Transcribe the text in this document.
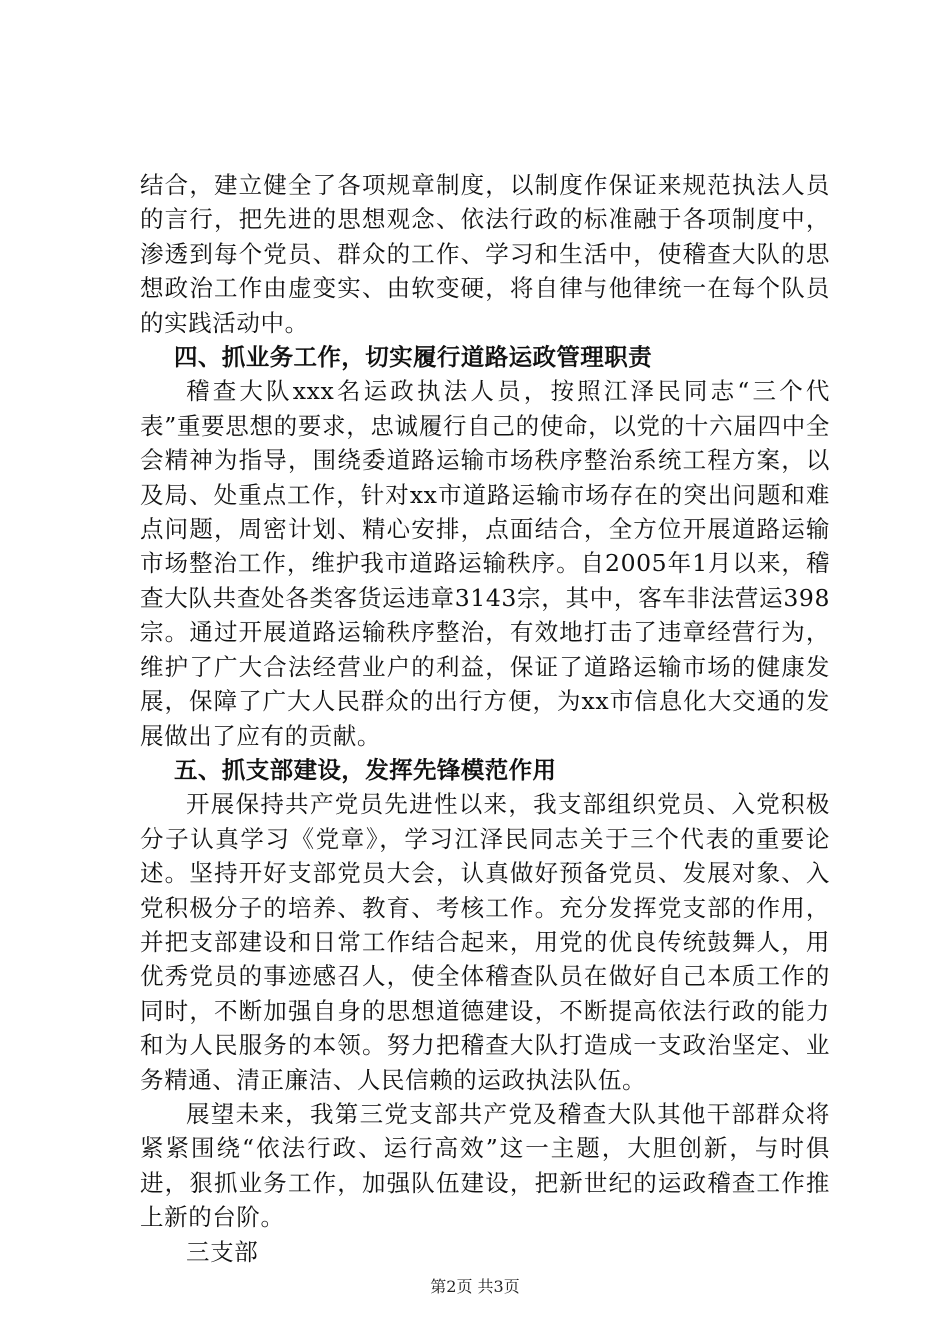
结合，建立健全了各项规章制度，以制度作保证来规范执法人员的言行，把先进的思想观念、依法行政的标准融于各项制度中，渗透到每个党员、群众的工作、学习和生活中，使稽查大队的思想政治工作由虚变实、由软变硬，将自律与他律统一在每个队员的实践活动中。

四、抓业务工作，切实履行道路运政管理职责

稽查大队xxx名运政执法人员，按照江泽民同志“三个代表”重要思想的要求，忠诚履行自己的使命，以党的十六届四中全会精神为指导，围绕委道路运输市场秩序整治系统工程方案，以及局、处重点工作，针对xx市道路运输市场存在的突出问题和难点问题，周密计划、精心安排，点面结合，全方位开展道路运输市场整治工作，维护我市道路运输秩序。自2005年1月以来，稽查大队共查处各类客货运违章3143宗，其中，客车非法营运398宗。通过开展道路运输秩序整治，有效地打击了违章经营行为，维护了广大合法经营业户的利益，保证了道路运输市场的健康发展，保障了广大人民群众的出行方便，为xx市信息化大交通的发展做出了应有的贡献。

五、抓支部建设，发挥先锋模范作用

开展保持共产党员先进性以来，我支部组织党员、入党积极分子认真学习《党章》，学习江泽民同志关于三个代表的重要论述。坚持开好支部党员大会，认真做好预备党员、发展对象、入党积极分子的培养、教育、考核工作。充分发挥党支部的作用，并把支部建设和日常工作结合起来，用党的优良传统鼓舞人，用优秀党员的事迹感召人，使全体稽查队员在做好自己本质工作的同时，不断加强自身的思想道德建设，不断提高依法行政的能力和为人民服务的本领。努力把稽查大队打造成一支政治坚定、业务精通、清正廉洁、人民信赖的运政执法队伍。

展望未来，我第三党支部共产党及稽查大队其他干部群众将紧紧围绕“依法行政、运行高效”这一主题，大胆创新，与时俱进，狠抓业务工作，加强队伍建设，把新世纪的运政稽查工作推上新的台阶。

三支部

第2页 共3页
